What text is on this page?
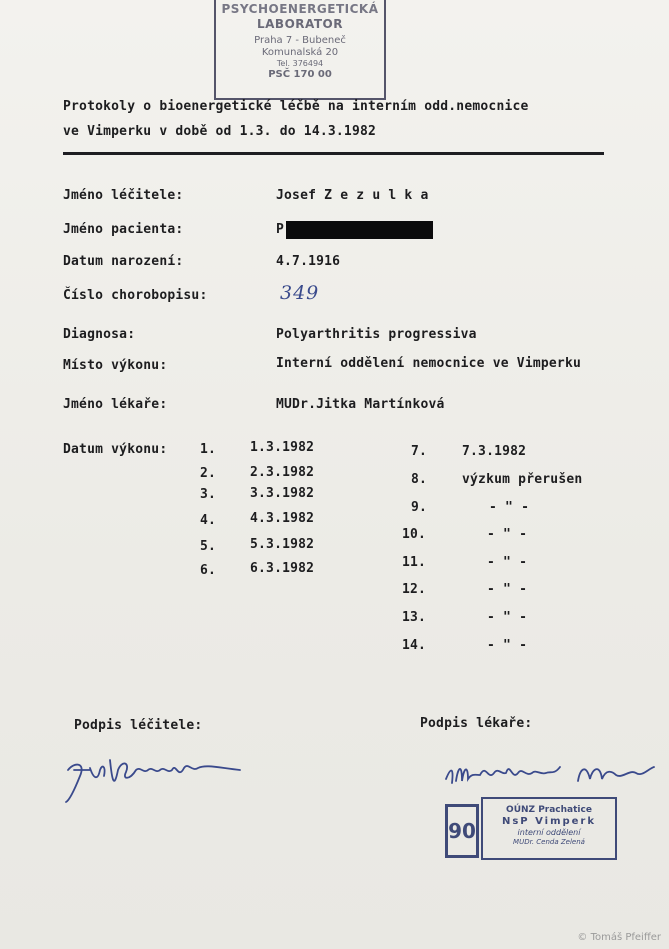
PSYCHOENERGETICKÁ
LABORATOR
Praha 7 - Bubeneč
Komunalská 20
Tel. 376494
PSČ 170 00
Protokoly o bioenergetické léčbě na interním odd.nemocnice
ve Vimperku v době od 1.3. do 14.3.1982
Jméno léčitele:	Josef Z e z u l k a
Jméno pacienta:	P
Datum narození:	4.7.1916
Číslo chorobopisu:	349
Diagnosa:	Polyarthritis progressiva
Místo výkonu:	Interní oddělení nemocnice ve Vimperku
Jméno lékaře:	MUDr.Jitka Martínková
Datum výkonu:	1.	1.3.1982
2.	2.3.1982
3.	3.3.1982
4.	4.3.1982
5.	5.3.1982
6.	6.3.1982
7.	7.3.1982
8.	výzkum přerušen
9.	- " -
10.	- " -
11.	- " -
12.	- " -
13.	- " -
14.	- " -
Podpis léčitele:	Podpis lékaře:
90
OÚNZ Prachatice
NsP Vimperk
interní oddělení
MUDr. Cenda Zelená
© Tomáš Pfeiffer
